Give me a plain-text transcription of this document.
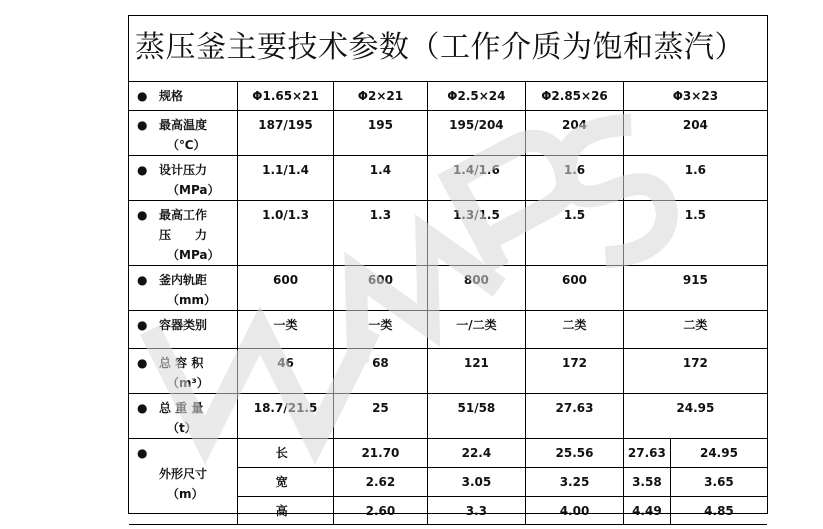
蒸压釜主要技术参数（工作介质为饱和蒸汽）
● 规格	Φ1.65×21	Φ2×21	Φ2.5×24	Φ2.85×26	Φ3×23	

● 最高温度
（℃）	187/195	195	195/204	204	204	

● 设计压力
（MPa）	1.1/1.4	1.4	1.4/1.6	1.6	1.6	

● 最高工作
压　　力
（MPa）	1.0/1.3	1.3	1.3/1.5	1.5	1.5	

● 釜内轨距
（mm）	600	600	800	600	915	

● 容器类别	一类	一类	一/二类	二类	二类	

● 总 容 积
（m³）	46	68	121	172	172	

● 总 重 量
（t）	18.7/21.5	25	51/58	27.63	24.95	

●
外形尺寸
（m）	长	21.70	22.4	25.56	27.63	24.95
	宽	2.62	3.05	3.25	3.58	3.65
	高	2.60	3.3	4.00	4.49	4.85
